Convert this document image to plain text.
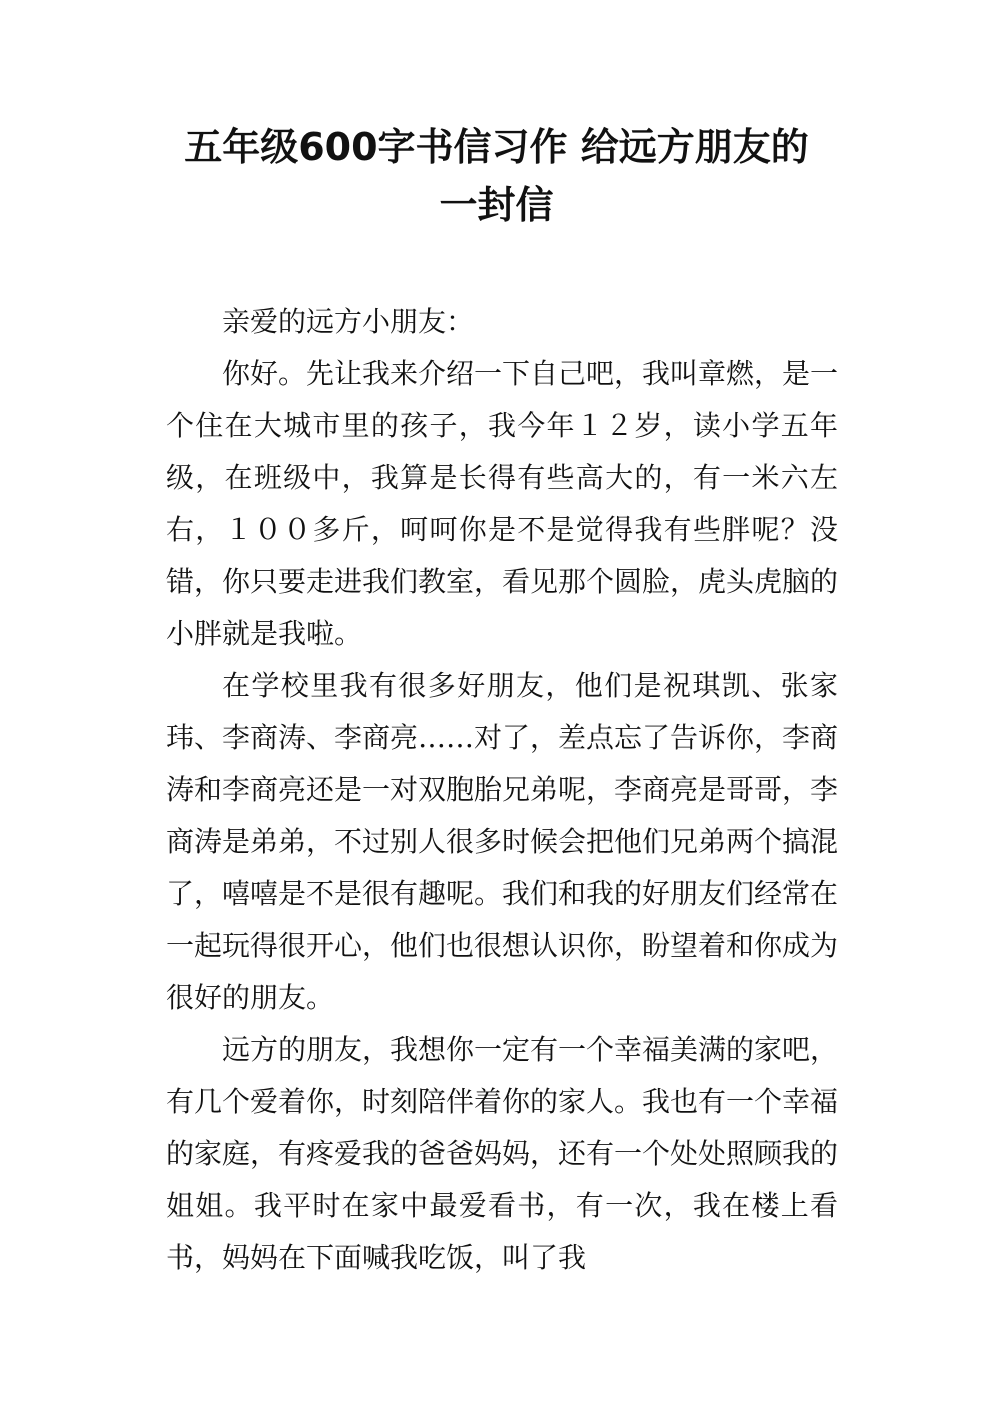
五年级600字书信习作 给远方朋友的
一封信

亲爱的远方小朋友：

你好。先让我来介绍一下自己吧，我叫章燃，是一个住在大城市里的孩子，我今年１２岁，读小学五年级，在班级中，我算是长得有些高大的，有一米六左右，１００多斤，呵呵你是不是觉得我有些胖呢？没错，你只要走进我们教室，看见那个圆脸，虎头虎脑的小胖就是我啦。

在学校里我有很多好朋友，他们是祝琪凯、张家玮、李商涛、李商亮……对了，差点忘了告诉你，李商涛和李商亮还是一对双胞胎兄弟呢，李商亮是哥哥，李商涛是弟弟，不过别人很多时候会把他们兄弟两个搞混了，嘻嘻是不是很有趣呢。我们和我的好朋友们经常在一起玩得很开心，他们也很想认识你，盼望着和你成为很好的朋友。

远方的朋友，我想你一定有一个幸福美满的家吧，有几个爱着你，时刻陪伴着你的家人。我也有一个幸福的家庭，有疼爱我的爸爸妈妈，还有一个处处照顾我的姐姐。我平时在家中最爱看书，有一次，我在楼上看书，妈妈在下面喊我吃饭，叫了我
